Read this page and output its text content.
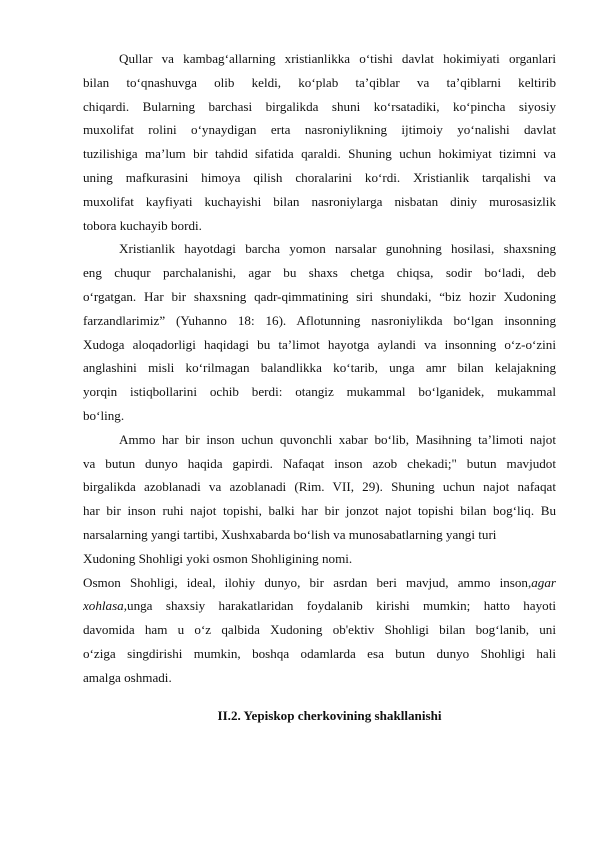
Qullar va kambag‘allarning xristianlikka o‘tishi davlat hokimiyati organlari
bilan to‘qnashuvga olib keldi, ko‘plab ta’qiblar va ta’qiblarni keltirib
chiqardi. Bularning barchasi birgalikda shuni ko‘rsatadiki, ko‘pincha siyosiy
muxolifat rolini o‘ynaydigan erta nasroniylikning ijtimoiy yo‘nalishi davlat
tuzilishiga ma’lum bir tahdid sifatida qaraldi. Shuning uchun hokimiyat tizimni va
uning mafkurasini himoya qilish choralarini ko‘rdi. Xristianlik tarqalishi va
muxolifat kayfiyati kuchayishi bilan nasroniylarga nisbatan diniy murosasizlik
tobora kuchayib bordi.
Xristianlik hayotdagi barcha yomon narsalar gunohning hosilasi, shaxsning
eng chuqur parchalanishi, agar bu shaxs chetga chiqsa, sodir bo‘ladi, deb
o‘rgatgan. Har bir shaxsning qadr-qimmatining siri shundaki, “biz hozir Xudoning
farzandlarimiz” (Yuhanno 18: 16). Aflotunning nasroniylikda bo‘lgan insonning
Xudoga aloqadorligi haqidagi bu ta’limot hayotga aylandi va insonning o‘z-o‘zini
anglashini misli ko‘rilmagan balandlikka ko‘tarib, unga amr bilan kelajakning
yorqin istiqbollarini ochib berdi: otangiz mukammal bo‘lganidek, mukammal
bo‘ling.
Ammo har bir inson uchun quvonchli xabar bo‘lib, Masihning ta’limoti najot
va butun dunyo haqida gapirdi. Nafaqat inson azob chekadi;" butun mavjudot
birgalikda azoblanadi va azoblanadi (Rim. VII, 29). Shuning uchun najot nafaqat
har bir inson ruhi najot topishi, balki har bir jonzot najot topishi bilan bog‘liq. Bu
narsalarning yangi tartibi, Xushxabarda bo‘lish va munosabatlarning yangi turi
Xudoning Shohligi yoki osmon Shohligining nomi.
Osmon Shohligi, ideal, ilohiy dunyo, bir asrdan beri mavjud, ammo inson,agar
xohlasa,unga shaxsiy harakatlaridan foydalanib kirishi mumkin; hatto hayoti
davomida ham u o‘z qalbida Xudoning ob'ektiv Shohligi bilan bog‘lanib, uni
o‘ziga singdirishi mumkin, boshqa odamlarda esa butun dunyo Shohligi hali
amalga oshmadi.
II.2. Yepiskop cherkovining shakllanishi
